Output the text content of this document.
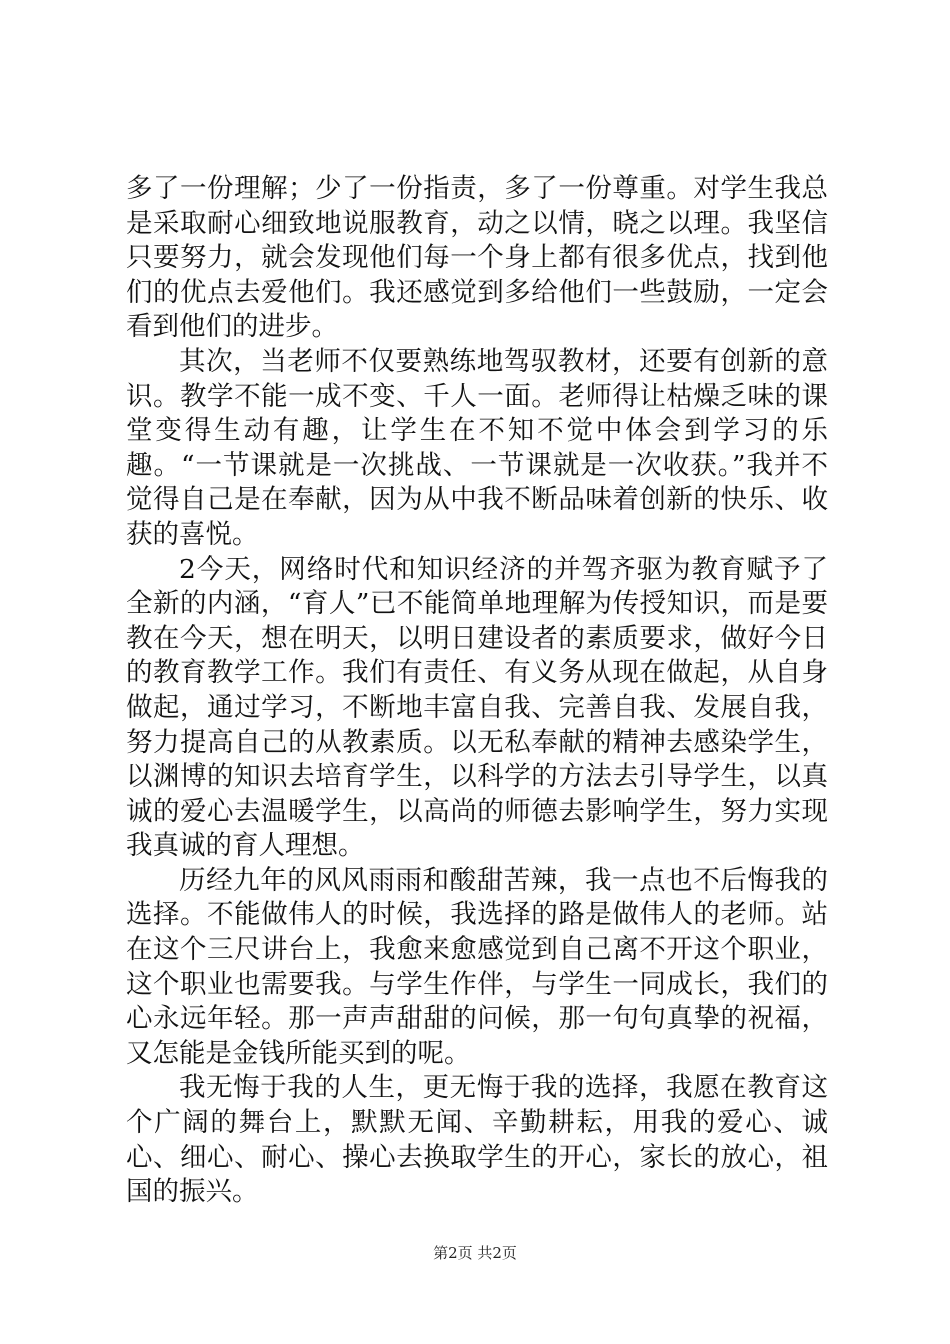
多了一份理解；少了一份指责，多了一份尊重。对学生我总是采取耐心细致地说服教育，动之以情，晓之以理。我坚信只要努力，就会发现他们每一个身上都有很多优点，找到他们的优点去爱他们。我还感觉到多给他们一些鼓励，一定会看到他们的进步。

其次，当老师不仅要熟练地驾驭教材，还要有创新的意识。教学不能一成不变、千人一面。老师得让枯燥乏味的课堂变得生动有趣，让学生在不知不觉中体会到学习的乐趣。“一节课就是一次挑战、一节课就是一次收获。”我并不觉得自己是在奉献，因为从中我不断品味着创新的快乐、收获的喜悦。

2今天，网络时代和知识经济的并驾齐驱为教育赋予了全新的内涵，“育人”已不能简单地理解为传授知识，而是要教在今天，想在明天，以明日建设者的素质要求，做好今日的教育教学工作。我们有责任、有义务从现在做起，从自身做起，通过学习，不断地丰富自我、完善自我、发展自我，努力提高自己的从教素质。以无私奉献的精神去感染学生，以渊博的知识去培育学生，以科学的方法去引导学生，以真诚的爱心去温暖学生，以高尚的师德去影响学生，努力实现我真诚的育人理想。

历经九年的风风雨雨和酸甜苦辣，我一点也不后悔我的选择。不能做伟人的时候，我选择的路是做伟人的老师。站在这个三尺讲台上，我愈来愈感觉到自己离不开这个职业，这个职业也需要我。与学生作伴，与学生一同成长，我们的心永远年轻。那一声声甜甜的问候，那一句句真挚的祝福，又怎能是金钱所能买到的呢。

我无悔于我的人生，更无悔于我的选择，我愿在教育这个广阔的舞台上，默默无闻、辛勤耕耘，用我的爱心、诚心、细心、耐心、操心去换取学生的开心，家长的放心，祖国的振兴。

第2页 共2页
